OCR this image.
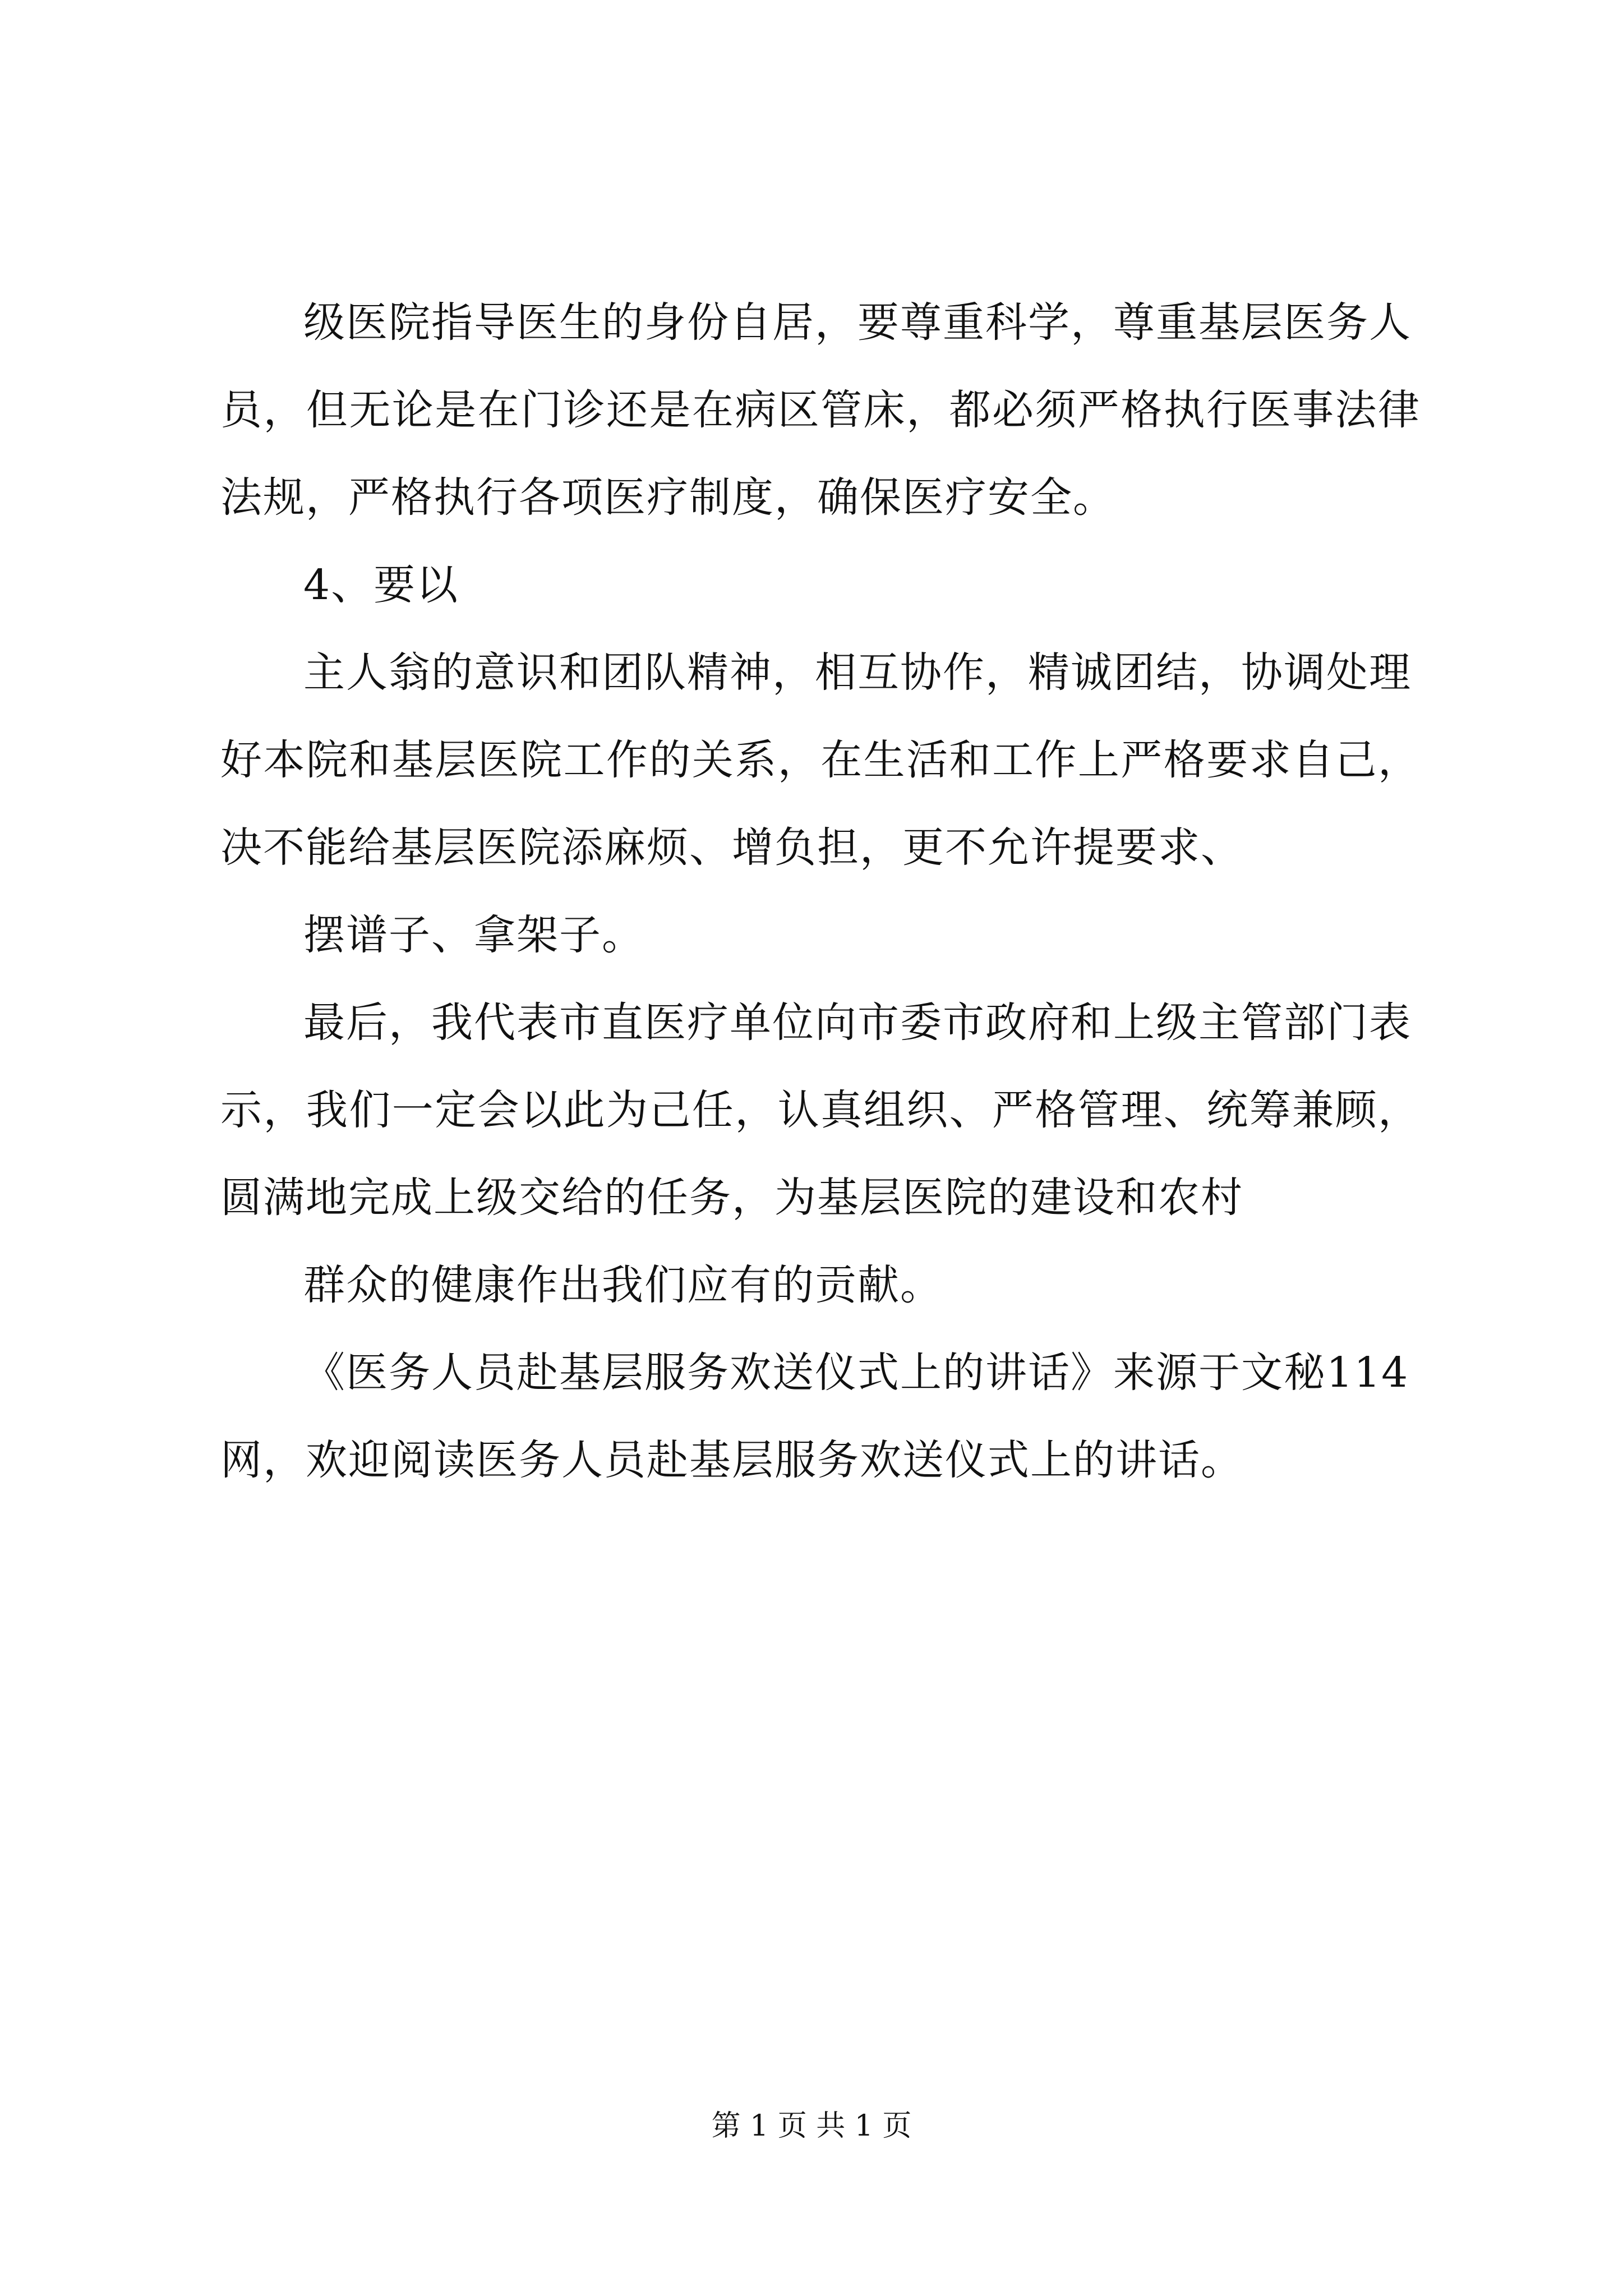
级医院指导医生的身份自居，要尊重科学，尊重基层医务人
员，但无论是在门诊还是在病区管床，都必须严格执行医事法律
法规，严格执行各项医疗制度，确保医疗安全。
4、要以
主人翁的意识和团队精神，相互协作，精诚团结，协调处理
好本院和基层医院工作的关系，在生活和工作上严格要求自己，
决不能给基层医院添麻烦、增负担，更不允许提要求、
摆谱子、拿架子。
最后，我代表市直医疗单位向市委市政府和上级主管部门表
示，我们一定会以此为己任，认真组织、严格管理、统筹兼顾，
圆满地完成上级交给的任务，为基层医院的建设和农村
群众的健康作出我们应有的贡献。
《医务人员赴基层服务欢送仪式上的讲话》来源于文秘114
网，欢迎阅读医务人员赴基层服务欢送仪式上的讲话。
第 1 页 共 1 页
